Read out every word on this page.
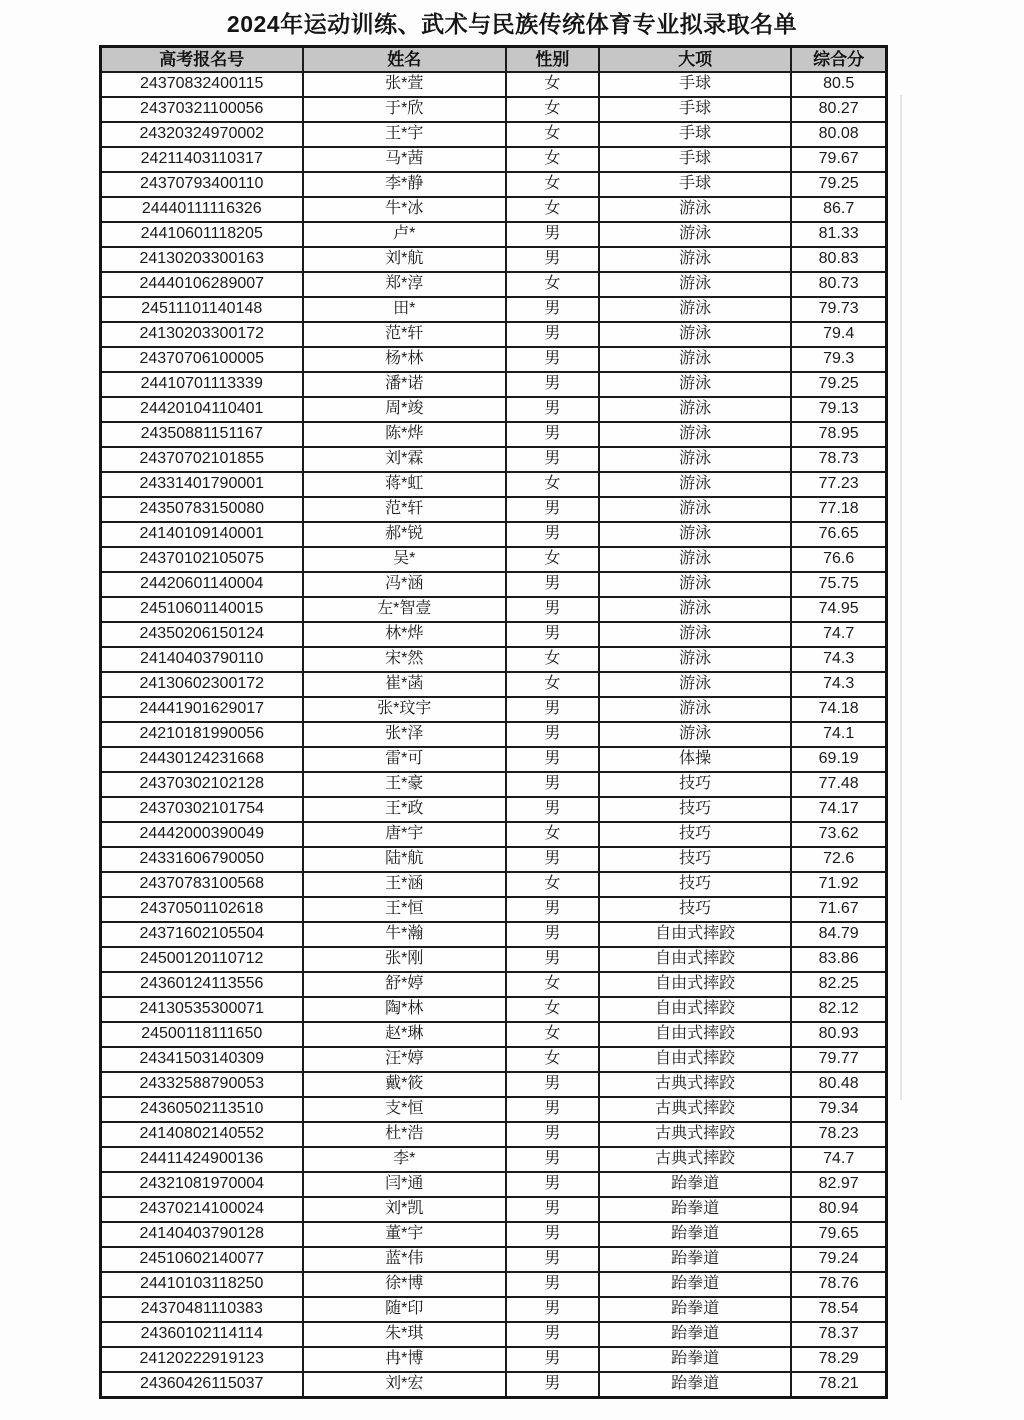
2024年运动训练、武术与民族传统体育专业拟录取名单
高考报名号	姓名	性别	大项	综合分
24370832400115	张*萱	女	手球	80.5
24370321100056	于*欣	女	手球	80.27
24320324970002	王*宇	女	手球	80.08
24211403110317	马*茜	女	手球	79.67
24370793400110	李*静	女	手球	79.25
24440111116326	牛*冰	女	游泳	86.7
24410601118205	卢*	男	游泳	81.33
24130203300163	刘*航	男	游泳	80.83
24440106289007	郑*淳	女	游泳	80.73
24511101140148	田*	男	游泳	79.73
24130203300172	范*轩	男	游泳	79.4
24370706100005	杨*林	男	游泳	79.3
24410701113339	潘*诺	男	游泳	79.25
24420104110401	周*竣	男	游泳	79.13
24350881151167	陈*烨	男	游泳	78.95
24370702101855	刘*霖	男	游泳	78.73
24331401790001	蒋*虹	女	游泳	77.23
24350783150080	范*轩	男	游泳	77.18
24140109140001	郝*锐	男	游泳	76.65
24370102105075	吴*	女	游泳	76.6
24420601140004	冯*涵	男	游泳	75.75
24510601140015	左*智壹	男	游泳	74.95
24350206150124	林*烨	男	游泳	74.7
24140403790110	宋*然	女	游泳	74.3
24130602300172	崔*菡	女	游泳	74.3
24441901629017	张*玟宇	男	游泳	74.18
24210181990056	张*泽	男	游泳	74.1
24430124231668	雷*可	男	体操	69.19
24370302102128	王*豪	男	技巧	77.48
24370302101754	王*政	男	技巧	74.17
24442000390049	唐*宇	女	技巧	73.62
24331606790050	陆*航	男	技巧	72.6
24370783100568	王*涵	女	技巧	71.92
24370501102618	王*恒	男	技巧	71.67
24371602105504	牛*瀚	男	自由式摔跤	84.79
24500120110712	张*刚	男	自由式摔跤	83.86
24360124113556	舒*婷	女	自由式摔跤	82.25
24130535300071	陶*林	女	自由式摔跤	82.12
24500118111650	赵*琳	女	自由式摔跤	80.93
24341503140309	汪*婷	女	自由式摔跤	79.77
24332588790053	戴*筱	男	古典式摔跤	80.48
24360502113510	支*恒	男	古典式摔跤	79.34
24140802140552	杜*浩	男	古典式摔跤	78.23
24411424900136	李*	男	古典式摔跤	74.7
24321081970004	闫*通	男	跆拳道	82.97
24370214100024	刘*凯	男	跆拳道	80.94
24140403790128	董*宇	男	跆拳道	79.65
24510602140077	蓝*伟	男	跆拳道	79.24
24410103118250	徐*博	男	跆拳道	78.76
24370481110383	随*印	男	跆拳道	78.54
24360102114114	朱*琪	男	跆拳道	78.37
24120222919123	冉*博	男	跆拳道	78.29
24360426115037	刘*宏	男	跆拳道	78.21
